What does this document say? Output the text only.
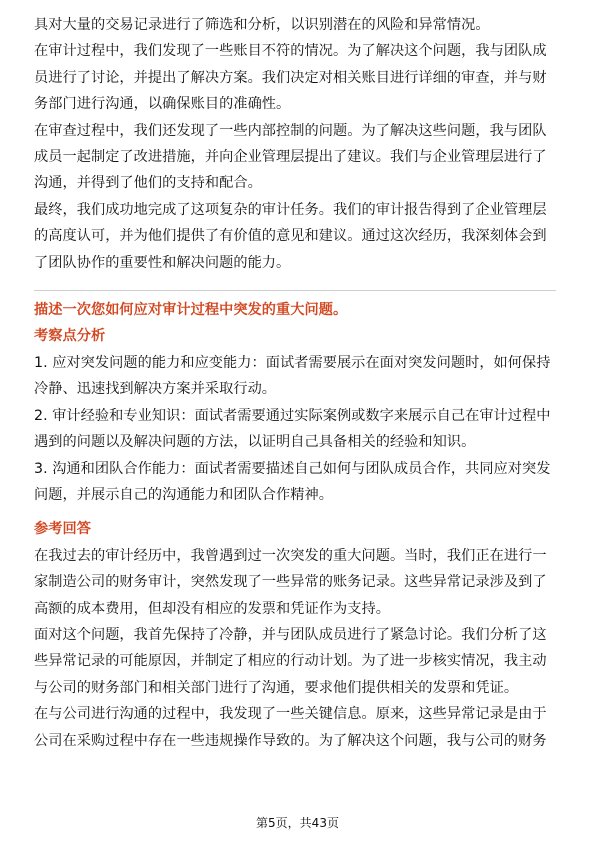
具对大量的交易记录进行了筛选和分析，以识别潜在的风险和异常情况。

在审计过程中，我们发现了一些账目不符的情况。为了解决这个问题，我与团队成员进行了讨论，并提出了解决方案。我们决定对相关账目进行详细的审查，并与财务部门进行沟通，以确保账目的准确性。

在审查过程中，我们还发现了一些内部控制的问题。为了解决这些问题，我与团队成员一起制定了改进措施，并向企业管理层提出了建议。我们与企业管理层进行了沟通，并得到了他们的支持和配合。

最终，我们成功地完成了这项复杂的审计任务。我们的审计报告得到了企业管理层的高度认可，并为他们提供了有价值的意见和建议。通过这次经历，我深刻体会到了团队协作的重要性和解决问题的能力。

描述一次您如何应对审计过程中突发的重大问题。

考察点分析

1. 应对突发问题的能力和应变能力：面试者需要展示在面对突发问题时，如何保持冷静、迅速找到解决方案并采取行动。

2. 审计经验和专业知识：面试者需要通过实际案例或数字来展示自己在审计过程中遇到的问题以及解决问题的方法，以证明自己具备相关的经验和知识。

3. 沟通和团队合作能力：面试者需要描述自己如何与团队成员合作，共同应对突发问题，并展示自己的沟通能力和团队合作精神。

参考回答

在我过去的审计经历中，我曾遇到过一次突发的重大问题。当时，我们正在进行一家制造公司的财务审计，突然发现了一些异常的账务记录。这些异常记录涉及到了高额的成本费用，但却没有相应的发票和凭证作为支持。

面对这个问题，我首先保持了冷静，并与团队成员进行了紧急讨论。我们分析了这些异常记录的可能原因，并制定了相应的行动计划。为了进一步核实情况，我主动与公司的财务部门和相关部门进行了沟通，要求他们提供相关的发票和凭证。

在与公司进行沟通的过程中，我发现了一些关键信息。原来，这些异常记录是由于公司在采购过程中存在一些违规操作导致的。为了解决这个问题，我与公司的财务

第5页，共43页
